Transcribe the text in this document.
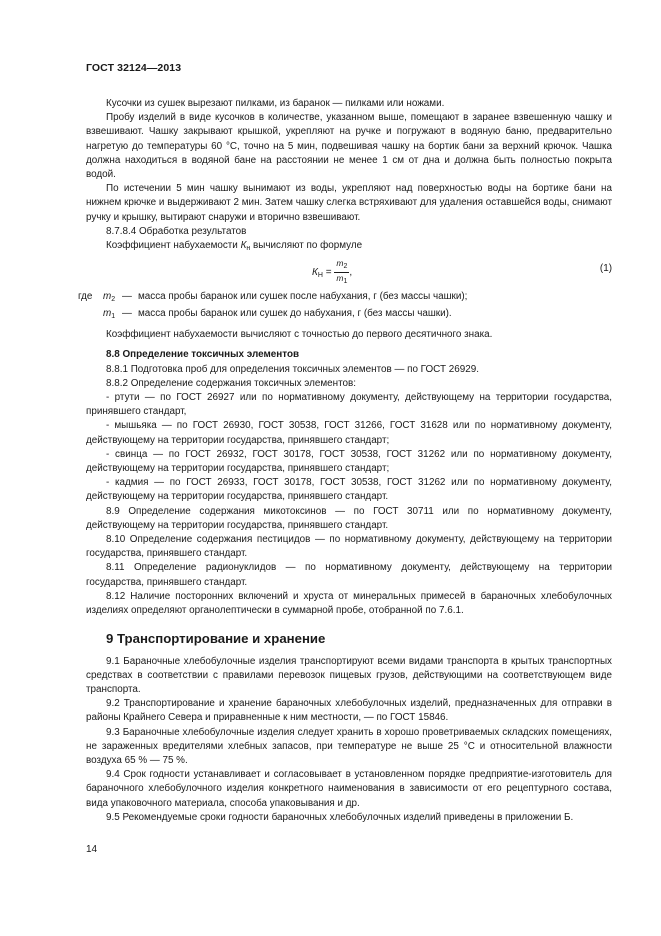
ГОСТ 32124—2013

Кусочки из сушек вырезают пилками, из баранок — пилками или ножами.

Пробу изделий в виде кусочков в количестве, указанном выше, помещают в заранее взвешенную чашку и взвешивают. Чашку закрывают крышкой, укрепляют на ручке и погружают в водяную баню, предварительно нагретую до температуры 60 °С, точно на 5 мин, подвешивая чашку на бортик бани за верхний крючок. Чашка должна находиться в водяной бане на расстоянии не менее 1 см от дна и должна быть полностью покрыта водой.

По истечении 5 мин чашку вынимают из воды, укрепляют над поверхностью воды на бортике бани на нижнем крючке и выдерживают 2 мин. Затем чашку слегка встряхивают для удаления оставшейся воды, снимают ручку и крышку, вытирают снаружи и вторично взвешивают.

8.7.8.4 Обработка результатов

Коэффициент набухаемости $К_н$ вычисляют по формуле

$К_Н = \frac{m_2}{m_1}$ ,	(1)
где $m_2$ — масса пробы баранок или сушек после набухания, г (без массы чашки);
$m_1$ — масса пробы баранок или сушек до набухания, г (без массы чашки).

Коэффициент набухаемости вычисляют с точностью до первого десятичного знака.

8.8 Определение токсичных элементов

8.8.1 Подготовка проб для определения токсичных элементов — по ГОСТ 26929.

8.8.2 Определение содержания токсичных элементов:

- ртути — по ГОСТ 26927 или по нормативному документу, действующему на территории государства, принявшего стандарт,

- мышьяка — по ГОСТ 26930, ГОСТ 30538, ГОСТ 31266, ГОСТ 31628 или по нормативному документу, действующему на территории государства, принявшего стандарт;

- свинца — по ГОСТ 26932, ГОСТ 30178, ГОСТ 30538, ГОСТ 31262 или по нормативному документу, действующему на территории государства, принявшего стандарт;

- кадмия — по ГОСТ 26933, ГОСТ 30178, ГОСТ 30538, ГОСТ 31262 или по нормативному документу, действующему на территории государства, принявшего стандарт.

8.9 Определение содержания микотоксинов — по ГОСТ 30711 или по нормативному документу, действующему на территории государства, принявшего стандарт.

8.10 Определение содержания пестицидов — по нормативному документу, действующему на территории государства, принявшего стандарт.

8.11 Определение радионуклидов — по нормативному документу, действующему на территории государства, принявшего стандарт.

8.12 Наличие посторонних включений и хруста от минеральных примесей в бараночных хлебобулочных изделиях определяют органолептически в суммарной пробе, отобранной по 7.6.1.

9 Транспортирование и хранение

9.1 Бараночные хлебобулочные изделия транспортируют всеми видами транспорта в крытых транспортных средствах в соответствии с правилами перевозок пищевых грузов, действующими на соответствующем виде транспорта.

9.2 Транспортирование и хранение бараночных хлебобулочных изделий, предназначенных для отправки в районы Крайнего Севера и приравненные к ним местности, — по ГОСТ 15846.

9.3 Бараночные хлебобулочные изделия следует хранить в хорошо проветриваемых складских помещениях, не зараженных вредителями хлебных запасов, при температуре не выше 25 °С и относительной влажности воздуха 65 % — 75 %.

9.4 Срок годности устанавливает и согласовывает в установленном порядке предприятие-изготовитель для бараночного хлебобулочного изделия конкретного наименования в зависимости от его рецептурного состава, вида упаковочного материала, способа упаковывания и др.

9.5 Рекомендуемые сроки годности бараночных хлебобулочных изделий приведены в приложении Б.

14
